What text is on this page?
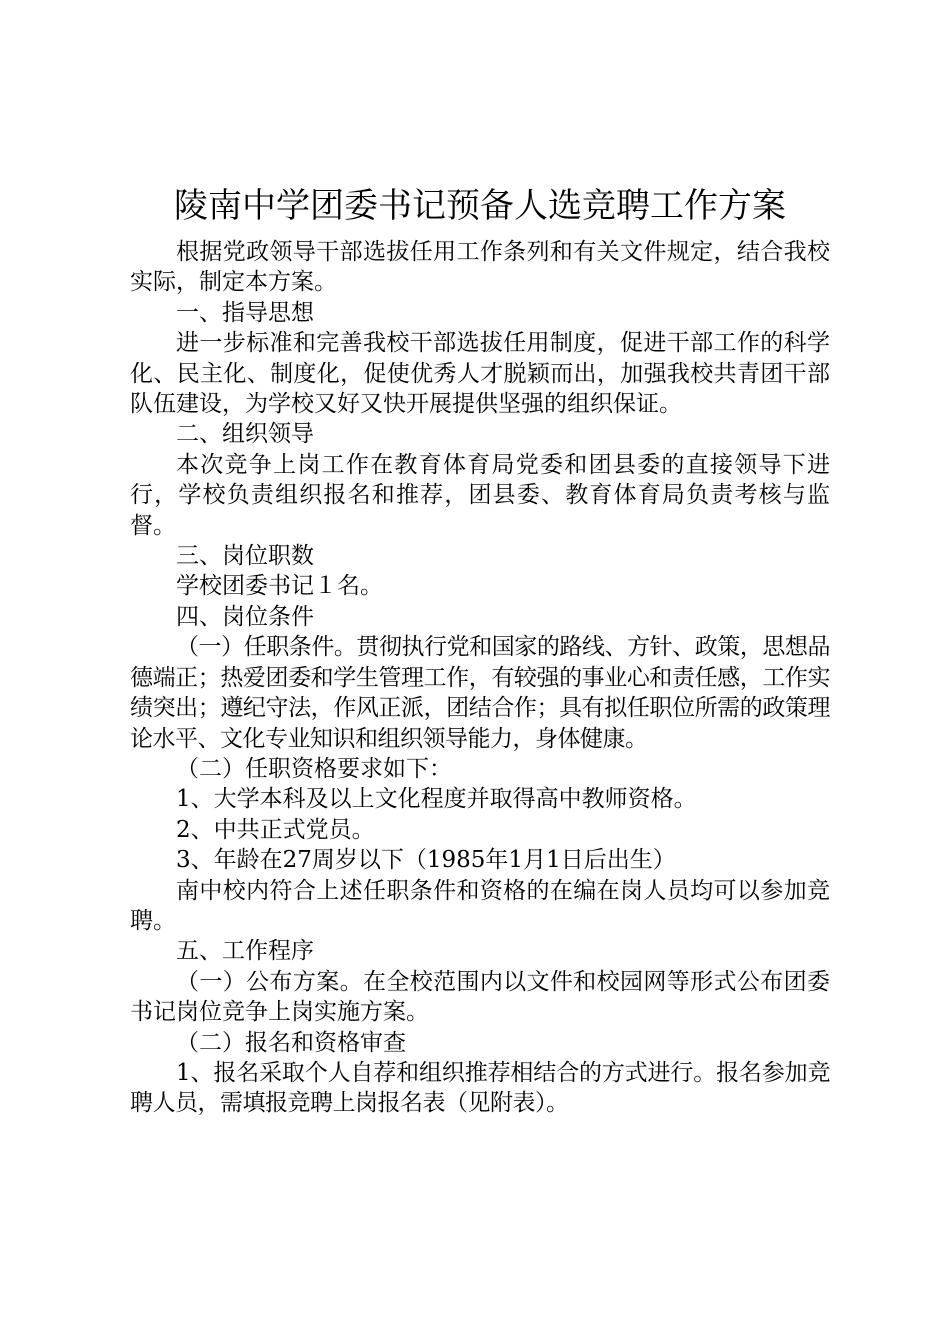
陵南中学团委书记预备人选竞聘工作方案

根据党政领导干部选拔任用工作条列和有关文件规定，结合我校实际，制定本方案。

一、指导思想

进一步标准和完善我校干部选拔任用制度，促进干部工作的科学化、民主化、制度化，促使优秀人才脱颖而出，加强我校共青团干部队伍建设，为学校又好又快开展提供坚强的组织保证。

二、组织领导

本次竞争上岗工作在教育体育局党委和团县委的直接领导下进行，学校负责组织报名和推荐，团县委、教育体育局负责考核与监督。

三、岗位职数

学校团委书记１名。

四、岗位条件

（一）任职条件。贯彻执行党和国家的路线、方针、政策，思想品德端正；热爱团委和学生管理工作，有较强的事业心和责任感，工作实绩突出；遵纪守法，作风正派，团结合作；具有拟任职位所需的政策理论水平、文化专业知识和组织领导能力，身体健康。

（二）任职资格要求如下：

1、大学本科及以上文化程度并取得高中教师资格。

2、中共正式党员。

3、年龄在27周岁以下（1985年1月1日后出生）

南中校内符合上述任职条件和资格的在编在岗人员均可以参加竞聘。

五、工作程序

（一）公布方案。在全校范围内以文件和校园网等形式公布团委书记岗位竞争上岗实施方案。

（二）报名和资格审查

1、报名采取个人自荐和组织推荐相结合的方式进行。报名参加竞聘人员，需填报竞聘上岗报名表（见附表）。
